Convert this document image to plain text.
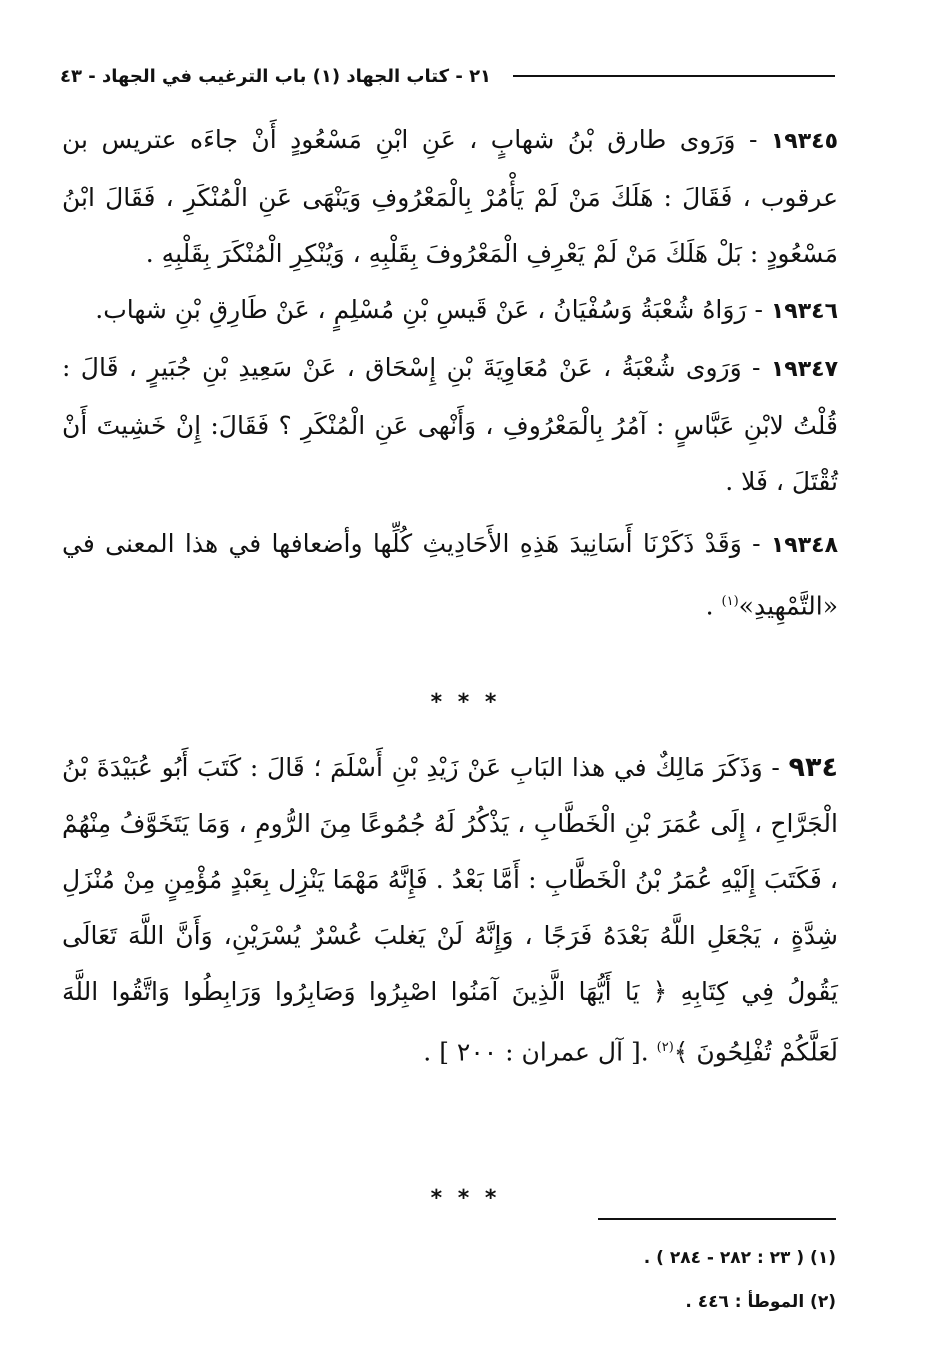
٢١ - كتاب الجهاد (١) باب الترغيب في الجهاد - ٤٣

١٩٣٤٥ - وَرَوى طارق بْنُ شهابٍ ، عَنِ ابْنِ مَسْعُودٍ أَنْ جاءَه عتريس بن عرقوب ، فَقَالَ : هَلَكَ مَنْ لَمْ يَأْمُرْ بِالْمَعْرُوفِ وَيَنْهَى عَنِ الْمُنْكَرِ ، فَقَالَ ابْنُ مَسْعُودٍ : بَلْ هَلَكَ مَنْ لَمْ يَعْرِفِ الْمَعْرُوفَ بِقَلْبِهِ ، وَيُنْكِرِ الْمُنْكَرَ بِقَلْبِهِ .

١٩٣٤٦ - رَوَاهُ شُعْبَةُ وَسُفْيَانُ ، عَنْ قَيسِ بْنِ مُسْلِمٍ ، عَنْ طَارِقِ بْنِ شهاب.

١٩٣٤٧ - وَرَوى شُعْبَةُ ، عَنْ مُعَاوِيَةَ بْنِ إِسْحَاق ، عَنْ سَعِيدِ بْنِ جُبَيرٍ ، قَالَ : قُلْتُ لابْنِ عَبَّاسٍ : آمُرُ بِالْمَعْرُوفِ ، وَأَنْهى عَنِ الْمُنْكَرِ ؟ فَقَالَ: إِنْ خَشِيتَ أَنْ تُقْتَلَ ، فَلا .

١٩٣٤٨ - وَقَدْ ذَكَرْنَا أَسَانِيدَ هَذِهِ الأَحَادِيثِ كُلِّها وأضعافها في هذا المعنى في «التَّمْهِيدِ»$^{(١)}$ .

* * *

٩٣٤ - وَذَكَرَ مَالِكٌ في هذا البَابِ عَنْ زَيْدِ بْنِ أَسْلَمَ ؛ قَالَ : كَتَبَ أَبُو عُبَيْدَةَ بْنُ الْجَرَّاحِ ، إِلَى عُمَرَ بْنِ الْخَطَّابِ ، يَذْكُرُ لَهُ جُمُوعًا مِنَ الرُّومِ ، وَمَا يَتَخَوَّفُ مِنْهُمْ ، فَكَتَبَ إِلَيْهِ عُمَرُ بْنُ الْخَطَّابِ : أَمَّا بَعْدُ . فَإِنَّهُ مَهْمَا يَنْزِل بِعَبْدٍ مُؤْمِنٍ مِنْ مُنْزَلِ شِدَّةٍ ، يَجْعَلِ اللَّهُ بَعْدَهُ فَرَجًا ، وَإِنَّهُ لَنْ يَغلبَ عُسْرٌ يُسْرَيْنِ، وَأَنَّ اللَّهَ تَعَالَى يَقُولُ فِي كِتَابِهِ ﴿ يَا أَيُّهَا الَّذِينَ آمَنُوا اصْبِرُوا وَصَابِرُوا وَرَابِطُوا وَاتَّقُوا اللَّهَ لَعَلَّكُمْ تُفْلِحُونَ ﴾$^{(٢)}$ .[ آل عمران : ٢٠٠ ] .

* * *
(١) ( ٢٣ : ٢٨٢ - ٢٨٤ ) .
(٢) الموطأ : ٤٤٦ .
